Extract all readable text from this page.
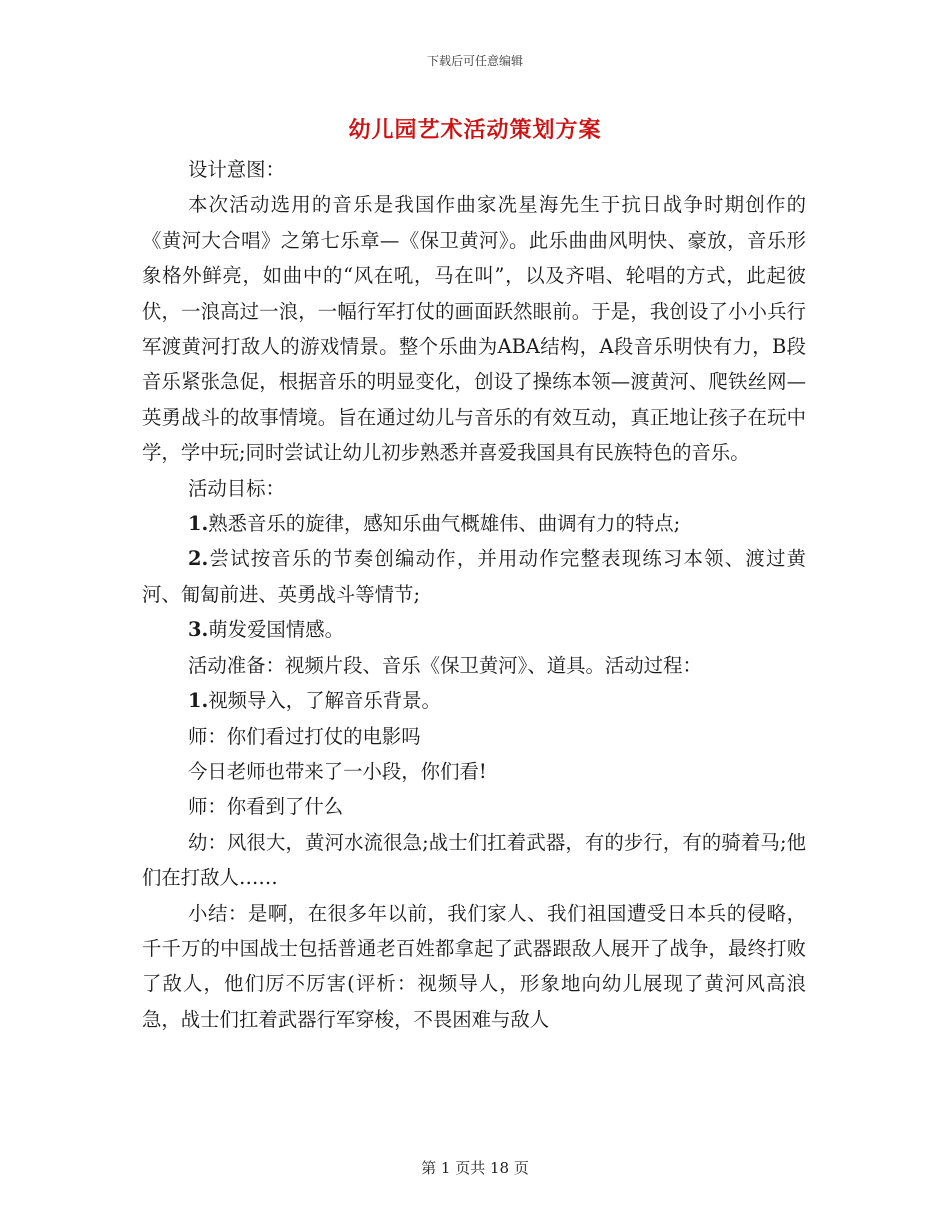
下载后可任意编辑
幼儿园艺术活动策划方案

设计意图：

本次活动选用的音乐是我国作曲家冼星海先生于抗日战争时期创作的《黄河大合唱》之第七乐章—《保卫黄河》。此乐曲曲风明快、豪放，音乐形象格外鲜亮，如曲中的“风在吼，马在叫”，以及齐唱、轮唱的方式，此起彼伏，一浪高过一浪，一幅行军打仗的画面跃然眼前。于是，我创设了小小兵行军渡黄河打敌人的游戏情景。整个乐曲为ABA结构，A段音乐明快有力，B段音乐紧张急促，根据音乐的明显变化，创设了操练本领—渡黄河、爬铁丝网—英勇战斗的故事情境。旨在通过幼儿与音乐的有效互动，真正地让孩子在玩中学，学中玩;同时尝试让幼儿初步熟悉并喜爱我国具有民族特色的音乐。

活动目标：

1.熟悉音乐的旋律，感知乐曲气概雄伟、曲调有力的特点;

2.尝试按音乐的节奏创编动作，并用动作完整表现练习本领、渡过黄河、匍匐前进、英勇战斗等情节;

3.萌发爱国情感。

活动准备：视频片段、音乐《保卫黄河》、道具。活动过程：

1.视频导入，了解音乐背景。

师：你们看过打仗的电影吗

今日老师也带来了一小段，你们看!

师：你看到了什么

幼：风很大，黄河水流很急;战士们扛着武器，有的步行，有的骑着马;他们在打敌人……

小结：是啊，在很多年以前，我们家人、我们祖国遭受日本兵的侵略，千千万的中国战士包括普通老百姓都拿起了武器跟敌人展开了战争，最终打败了敌人，他们厉不厉害(评析：视频导人，形象地向幼儿展现了黄河风高浪急，战士们扛着武器行军穿梭，不畏困难与敌人

第 1 页共 18 页
